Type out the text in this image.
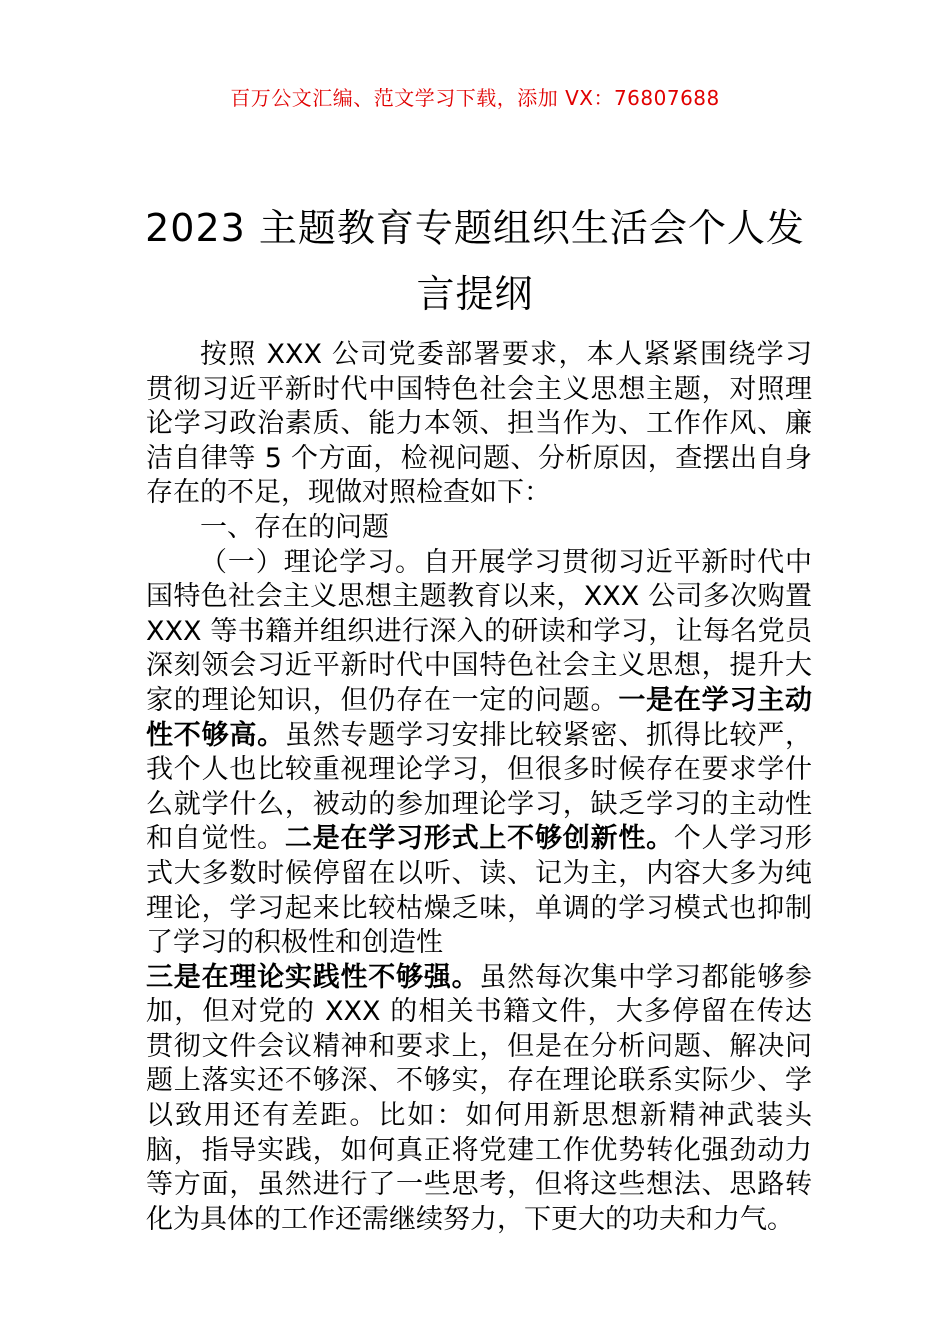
百万公文汇编、范文学习下载，添加 VX：76807688
2023 主题教育专题组织生活会个人发言提纲

按照 XXX 公司党委部署要求，本人紧紧围绕学习贯彻习近平新时代中国特色社会主义思想主题，对照理论学习政治素质、能力本领、担当作为、工作作风、廉洁自律等 5 个方面，检视问题、分析原因，查摆出自身存在的不足，现做对照检查如下：

一、存在的问题

（一）理论学习。自开展学习贯彻习近平新时代中国特色社会主义思想主题教育以来，XXX 公司多次购置 XXX 等书籍并组织进行深入的研读和学习，让每名党员深刻领会习近平新时代中国特色社会主义思想，提升大家的理论知识，但仍存在一定的问题。一是在学习主动性不够高。虽然专题学习安排比较紧密、抓得比较严，我个人也比较重视理论学习，但很多时候存在要求学什么就学什么，被动的参加理论学习，缺乏学习的主动性和自觉性。二是在学习形式上不够创新性。个人学习形式大多数时候停留在以听、读、记为主，内容大多为纯理论，学习起来比较枯燥乏味，单调的学习模式也抑制了学习的积极性和创造性
三是在理论实践性不够强。虽然每次集中学习都能够参加，但对党的 XXX 的相关书籍文件，大多停留在传达贯彻文件会议精神和要求上，但是在分析问题、解决问题上落实还不够深、不够实，存在理论联系实际少、学以致用还有差距。比如：如何用新思想新精神武装头脑，指导实践，如何真正将党建工作优势转化强劲动力等方面，虽然进行了一些思考，但将这些想法、思路转化为具体的工作还需继续努力，下更大的功夫和力气。
